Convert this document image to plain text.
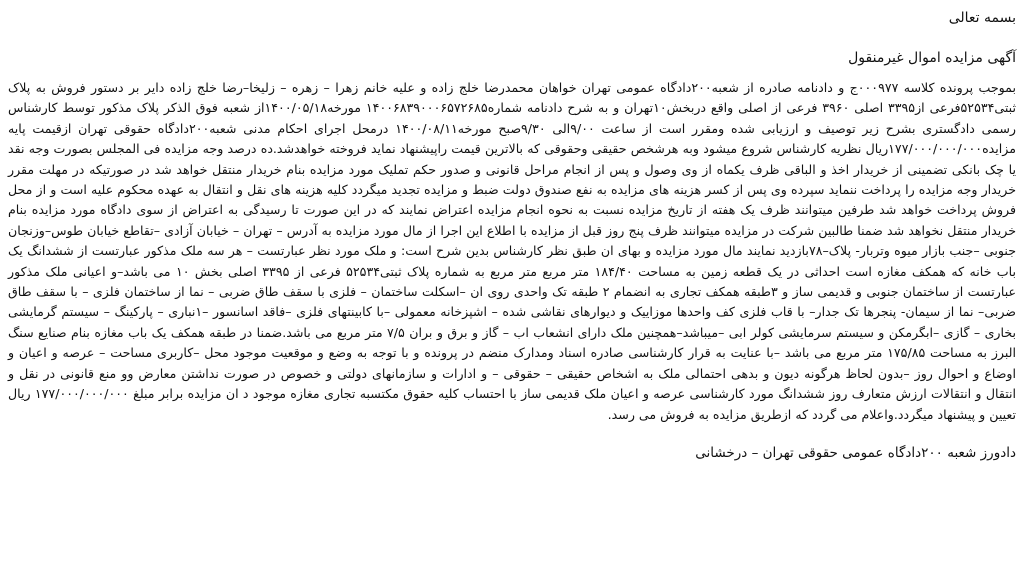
بسمه تعالی

آگهی مزایده اموال غیرمنقول

بموجب پرونده کلاسه ۰۰۰۹۷۷ج و دادنامه صادره از شعبه۲۰۰دادگاه عمومی تهران خواهان محمدرضا خلج زاده و علیه خانم زهرا – زهره – زلیخا–رضا خلج زاده دایر بر دستور فروش به پلاک ثبتی۵۲۵۳۴فرعی از۳۳۹۵ اصلی ۳۹۶۰ فرعی از اصلی واقع دربخش۱۰تهران و به شرح دادنامه شماره۱۴۰۰۶۸۳۹۰۰۰۶۵۷۲۶۸۵ مورخه۱۴۰۰/۰۵/۱۸از شعبه فوق الذکر پلاک مذکور توسط کارشناس رسمی دادگستری بشرح زیر توصیف و ارزیابی شده ومقرر است از ساعت ۹/۰۰الی ۹/۳۰صبح مورخه۱۴۰۰/۰۸/۱۱ درمحل اجرای احکام مدنی شعبه۲۰۰دادگاه حقوقی تهران ازقیمت پایه مزایده۱۷۷/۰۰۰/۰۰۰/۰۰۰ریال نظریه کارشناس شروع میشود وبه هرشخص حقیقی وحقوقی که بالاترین قیمت راپیشنهاد نماید فروخته خواهدشد.ده درصد وجه مزایده فی المجلس بصورت وجه نقد یا چک بانکی تضمینی از خریدار اخذ و الباقی ظرف یکماه از وی وصول و پس از انجام مراحل قانونی و صدور حکم تملیک مورد مزایده بنام خریدار منتقل خواهد شد در صورتیکه در مهلت مقرر خریدار وجه مزایده را پرداخت ننماید سپرده وی پس از کسر هزینه های مزایده به نفع صندوق دولت ضبط و مزایده تجدید میگردد کلیه هزینه های نقل و انتقال به عهده محکوم علیه است و از محل فروش پرداخت خواهد شد طرفین میتوانند ظرف یک هفته از تاریخ مزایده نسبت به نحوه انجام مزایده اعتراض نمایند که در این صورت تا رسیدگی به اعتراض از سوی دادگاه مورد مزایده بنام خریدار منتقل نخواهد شد ضمنا طالبین شرکت در مزایده میتوانند ظرف پنج روز قبل از مزایده با اطلاع این اجرا از مال مورد مزایده به آدرس – تهران – خیابان آزادی –تقاطع خیابان طوس–وزنجان جنوبی –جنب بازار میوه وتربار- پلاک–۷۸بازدید نمایند مال مورد مزایده و بهای ان طبق نظر کارشناس بدین شرح است: و ملک مورد نظر عبارتست – هر سه ملک مذکور عبارتست از ششدانگ یک باب خانه که همکف مغازه است احداثی در یک قطعه زمین به مساحت ۱۸۴/۴۰ متر مربع متر مربع به شماره پلاک ثبتی۵۲۵۳۴ فرعی از ۳۳۹۵ اصلی بخش ۱۰ می باشد–و اعیانی ملک مذکور عبارتست از ساختمان جنوبی و قدیمی ساز و ۳طبقه همکف تجاری به انضمام ۲ طبقه تک واحدی روی ان –اسکلت ساختمان – فلزی با سقف طاق ضربی – نما از ساختمان فلزی – با سقف طاق ضربی– نما از سیمان- پنجرها تک جدار– با قاب فلزی کف واحدها موزاییک و دیوارهای نقاشی شده – اشپزخانه معمولی –با کابینتهای فلزی –فاقد اسانسور –۱نباری – پارکینگ – سیستم گرمایشی بخاری – گازی –ابگرمکن و سیستم سرمایشی کولر ابی –میباشد–همچنین ملک دارای انشعاب اب – گاز و برق و بران ۷/۵ متر مربع می باشد.ضمنا در طبقه همکف یک باب مغازه بنام صنایع سنگ البرز به مساحت ۱۷۵/۸۵ متر مربع می باشد –با عنایت به قرار کارشناسی صادره اسناد ومدارک منضم در پرونده و با توجه به وضع و موقعیت موجود محل –کاربری مساحت – عرصه و اعیان و اوضاع و احوال روز –بدون لحاظ هرگونه دیون و بدهی احتمالی ملک به اشخاص حقیقی – حقوقی – و ادارات و سازمانهای دولتی و خصوص در صورت نداشتن معارض وو منع قانونی در نقل و انتقال و انتقالات ارزش متعارف روز ششدانگ مورد کارشناسی عرصه و اعیان ملک قدیمی ساز با احتساب کلیه حقوق مکتسبه تجاری مغازه موجود د ان مزایده برابر مبلغ ۱۷۷/۰۰۰/۰۰۰/۰۰۰ ریال تعیین و پیشنهاد میگردد.واعلام می گردد که ازطریق مزایده به فروش می رسد.

دادورز شعبه ۲۰۰دادگاه عمومی حقوقی تهران – درخشانی
